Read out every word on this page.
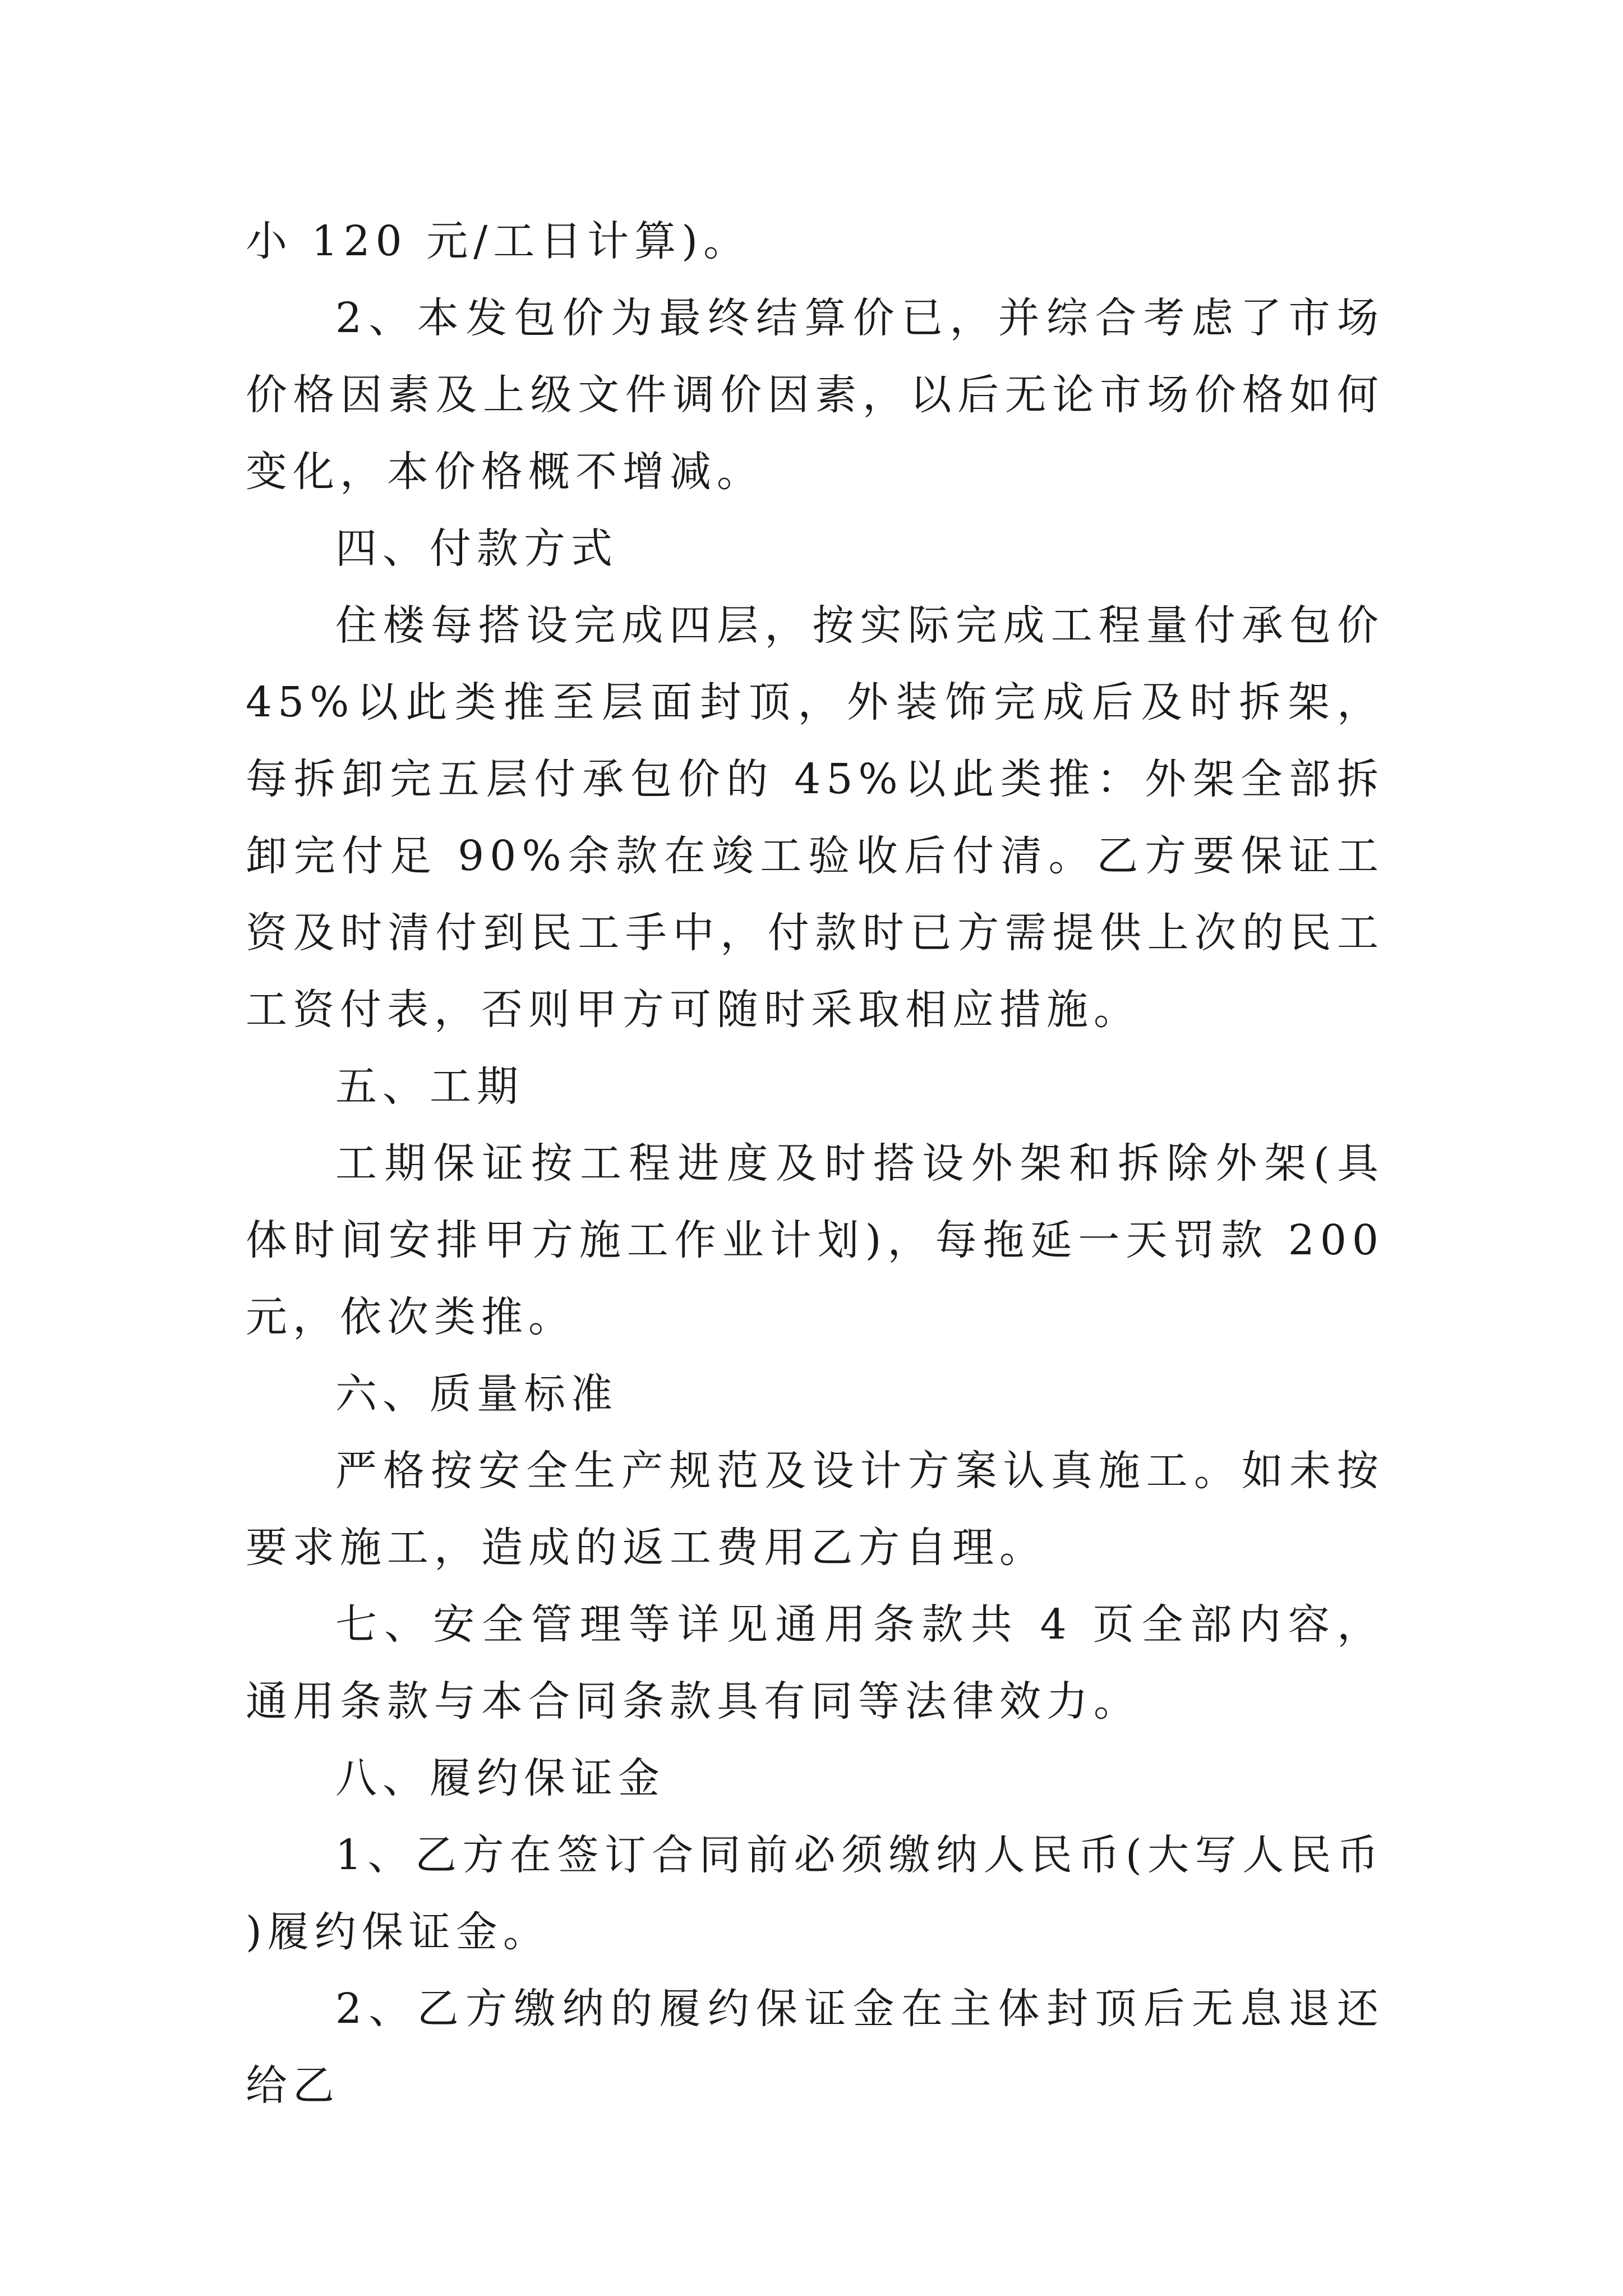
小 120 元/工日计算)。

2、本发包价为最终结算价已，并综合考虑了市场价格因素及上级文件调价因素，以后无论市场价格如何变化，本价格概不增减。

四、付款方式

住楼每搭设完成四层，按实际完成工程量付承包价 45%以此类推至层面封顶，外装饰完成后及时拆架，每拆卸完五层付承包价的 45%以此类推：外架全部拆卸完付足 90%余款在竣工验收后付清。乙方要保证工资及时清付到民工手中，付款时已方需提供上次的民工工资付表，否则甲方可随时采取相应措施。

五、工期

工期保证按工程进度及时搭设外架和拆除外架(具体时间安排甲方施工作业计划)，每拖延一天罚款 200 元，依次类推。

六、质量标准

严格按安全生产规范及设计方案认真施工。如未按要求施工，造成的返工费用乙方自理。

七、安全管理等详见通用条款共 4 页全部内容，通用条款与本合同条款具有同等法律效力。

八、履约保证金

1、乙方在签订合同前必须缴纳人民币(大写人民币 )履约保证金。

2、乙方缴纳的履约保证金在主体封顶后无息退还给乙
